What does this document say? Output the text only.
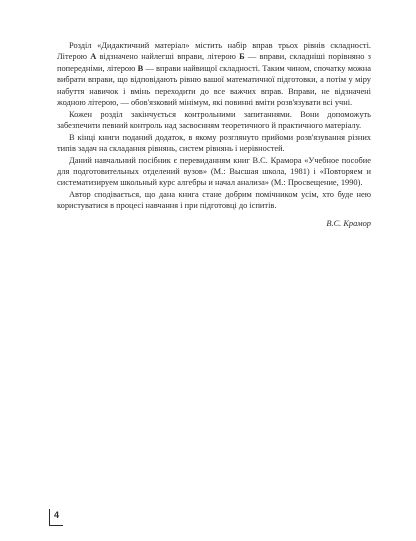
Розділ «Дидактичний матеріал» містить набір вправ трьох рівнів складності. Літерою А відзначено найлегші вправи, літерою Б — вправи, складніші порівняно з попередніми, літерою В — вправи найвищої складності. Таким чином, спочатку можна вибрати вправи, що відповідають рівню вашої математичної підготовки, а потім у міру набуття навичок і вмінь переходити до все важчих вправ. Вправи, не відзначені жодною літерою, — обов'язковий мінімум, які повинні вміти розв'язувати всі учні.

Кожен розділ закінчується контрольними запитаннями. Вони допоможуть забезпечити певний контроль над засвоєнням теоретичного й практичного матеріалу.

В кінці книги поданий додаток, в якому розглянуто прийоми розв'язування різних типів задач на складання рівнянь, систем рівнянь і нерівностей.

Даний навчальний посібник є перевиданням книг В.С. Крамора «Учебное пособие для подготовительных отделений вузов» (М.: Высшая школа, 1981) і «Повторяем и систематизируем школьный курс алгебры и начал анализа» (М.: Просвещение, 1990).

Автор сподівається, що дана книга стане добрим помічником усім, хто буде нею користуватися в процесі навчання і при підготовці до іспитів.

В.С. Крамор
4
